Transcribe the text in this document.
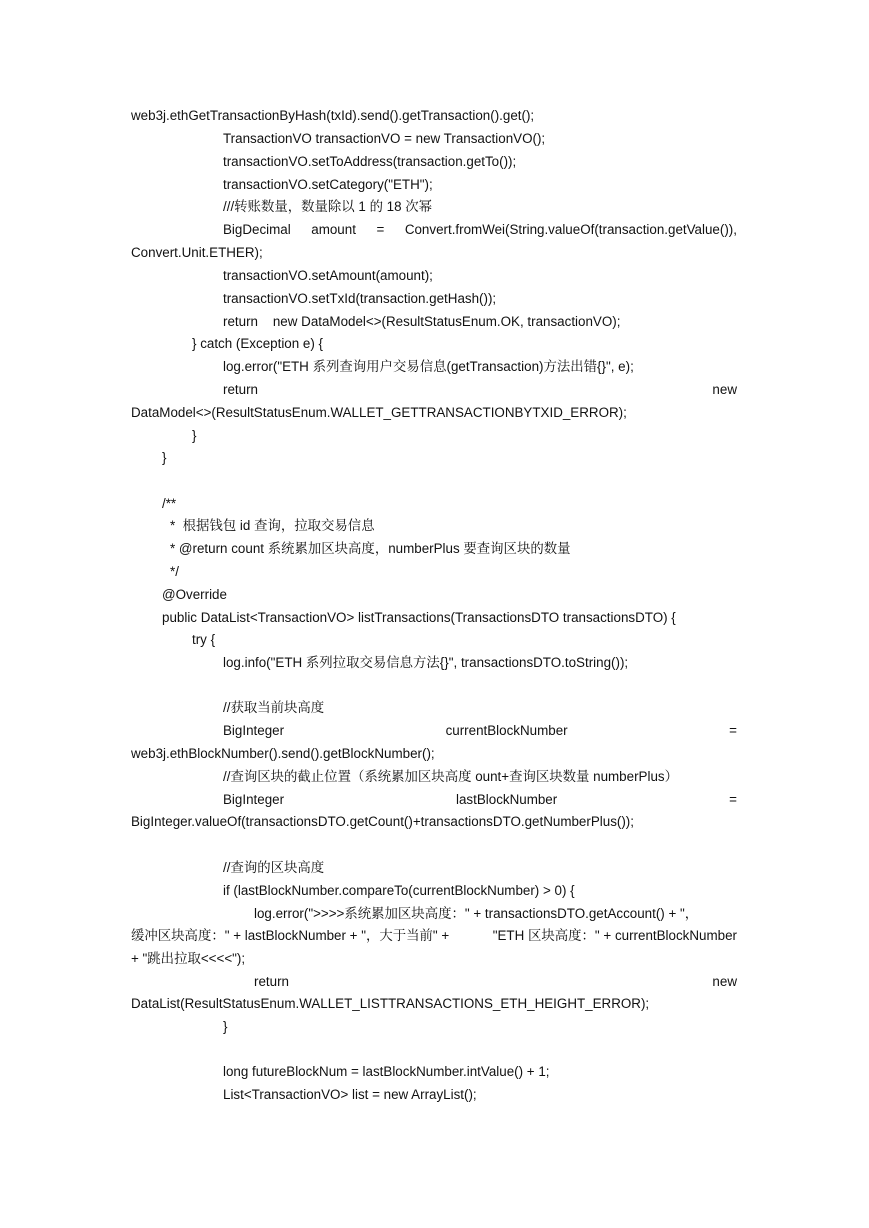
web3j.ethGetTransactionByHash(txId).send().getTransaction().get();
TransactionVO transactionVO = new TransactionVO();
transactionVO.setToAddress(transaction.getTo());
transactionVO.setCategory("ETH");
///转账数量，数量除以 1 的 18 次幂
BigDecimal amount = Convert.fromWei(String.valueOf(transaction.getValue()),
Convert.Unit.ETHER);
transactionVO.setAmount(amount);
transactionVO.setTxId(transaction.getHash());
return    new DataModel<>(ResultStatusEnum.OK, transactionVO);
} catch (Exception e) {
log.error("ETH 系列查询用户交易信息(getTransaction)方法出错{}", e);
return	new
DataModel<>(ResultStatusEnum.WALLET_GETTRANSACTIONBYTXID_ERROR);
}
}
/**
*  根据钱包 id 查询，拉取交易信息
* @return count 系统累加区块高度，numberPlus 要查询区块的数量
*/
@Override
public DataList<TransactionVO> listTransactions(TransactionsDTO transactionsDTO) {
try {
log.info("ETH 系列拉取交易信息方法{}", transactionsDTO.toString());
//获取当前块高度
BigInteger	currentBlockNumber	=
web3j.ethBlockNumber().send().getBlockNumber();
//查询区块的截止位置（系统累加区块高度 ount+查询区块数量 numberPlus）
BigInteger	lastBlockNumber	=
BigInteger.valueOf(transactionsDTO.getCount()+transactionsDTO.getNumberPlus());
//查询的区块高度
if (lastBlockNumber.compareTo(currentBlockNumber) > 0) {
log.error(">>>>系统累加区块高度：" + transactionsDTO.getAccount() + "，
缓冲区块高度：" + lastBlockNumber + "，大于当前" +	"ETH 区块高度：" + currentBlockNumber
+ "跳出拉取<<<<");
return	new
DataList(ResultStatusEnum.WALLET_LISTTRANSACTIONS_ETH_HEIGHT_ERROR);
}
long futureBlockNum = lastBlockNumber.intValue() + 1;
List<TransactionVO> list = new ArrayList();
